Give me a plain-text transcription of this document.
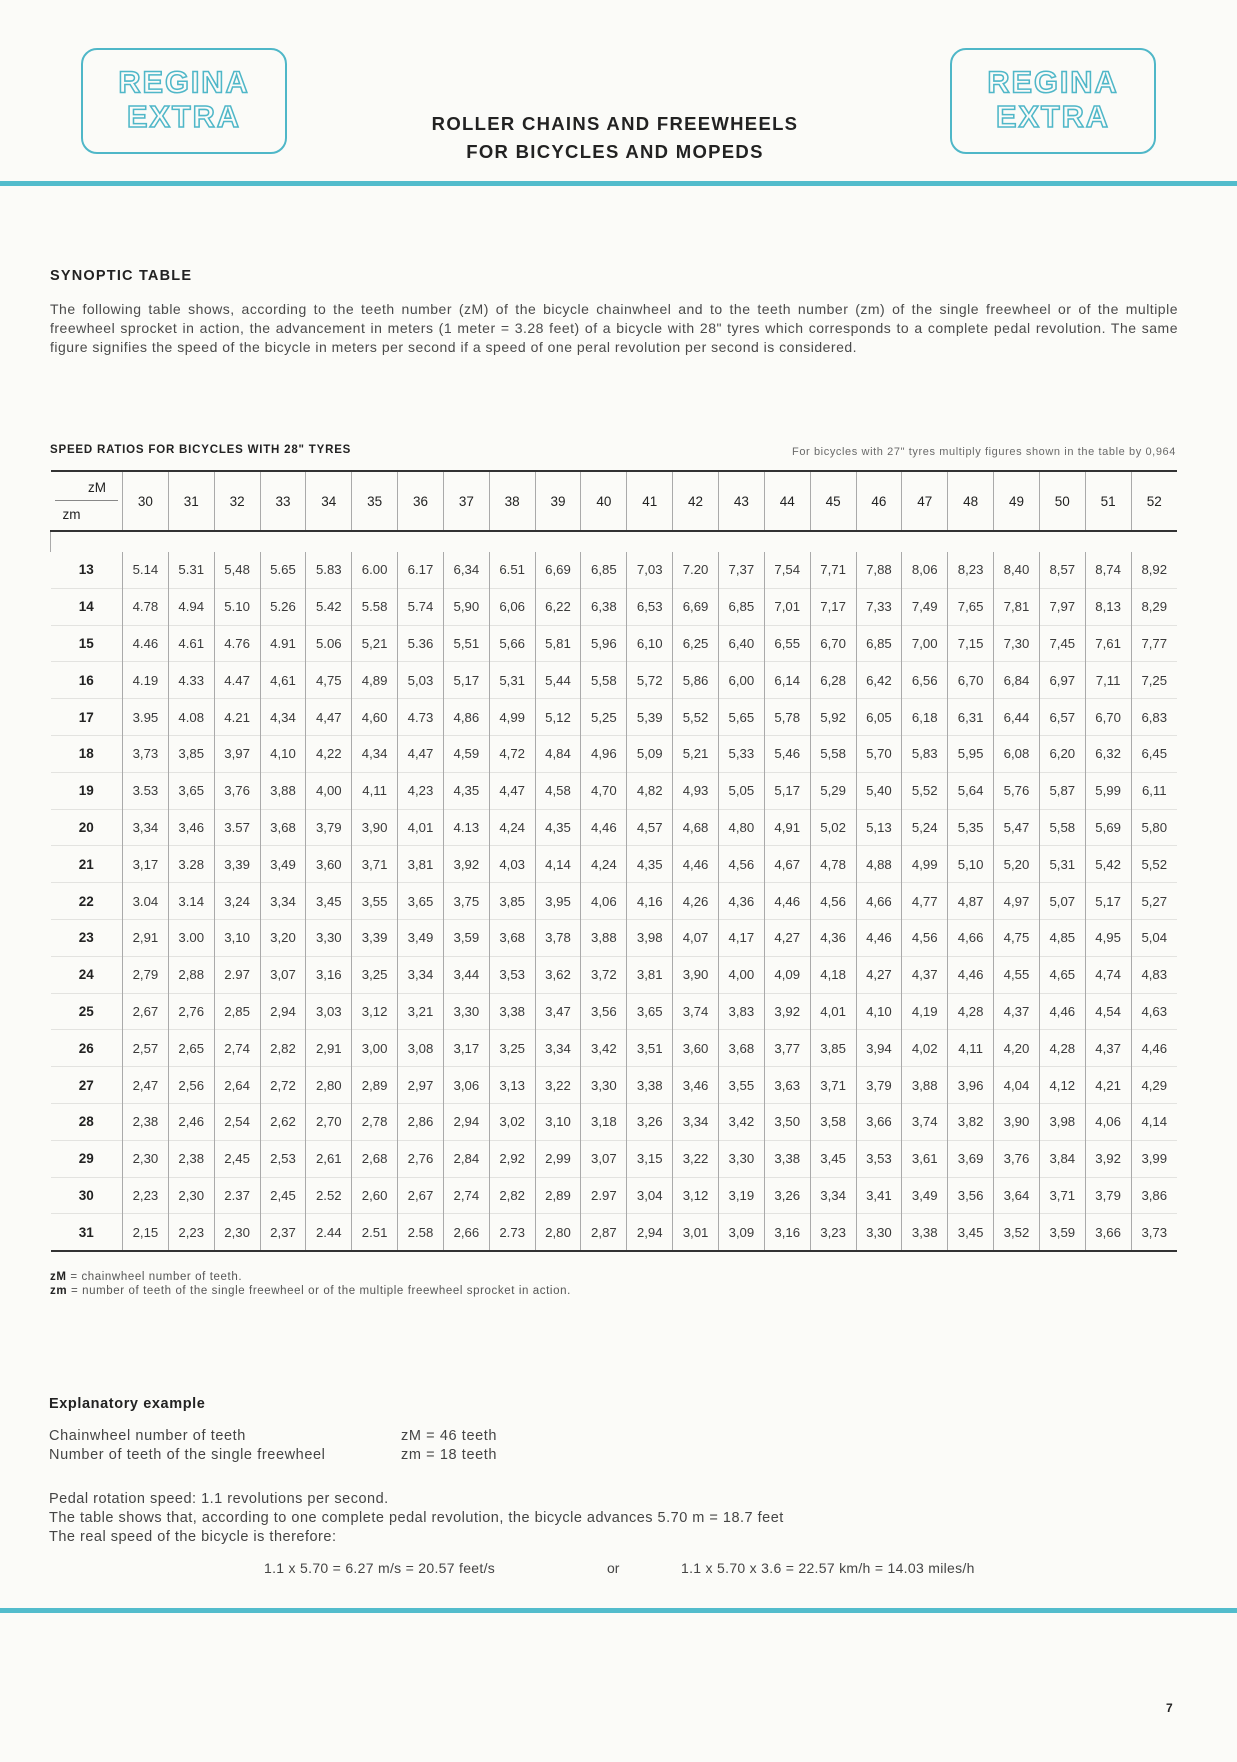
REGINA
EXTRA
REGINA
EXTRA
ROLLER CHAINS AND FREEWHEELS
FOR BICYCLES AND MOPEDS
SYNOPTIC TABLE
The following table shows, according to the teeth number (zM) of the bicycle chainwheel and to the teeth number (zm) of the single freewheel or of the multiple freewheel sprocket in action, the advancement in meters (1 meter = 3.28 feet) of a bicycle with 28" tyres which corresponds to a complete pedal revolution. The same figure signifies the speed of the bicycle in meters per second if a speed of one peral revolution per second is considered.
SPEED RATIOS FOR BICYCLES WITH 28" TYRES	For bicycles with 27" tyres multiply figures shown in the table by 0,964
zM
zm	30	31	32	33	34	35	36	37	38	39	40	41	42	43	44	45	46	47	48	49	50	51	52

13	5.14	5.31	5,48	5.65	5.83	6.00	6.17	6,34	6.51	6,69	6,85	7,03	7.20	7,37	7,54	7,71	7,88	8,06	8,23	8,40	8,57	8,74	8,92
14	4.78	4.94	5.10	5.26	5.42	5.58	5.74	5,90	6,06	6,22	6,38	6,53	6,69	6,85	7,01	7,17	7,33	7,49	7,65	7,81	7,97	8,13	8,29
15	4.46	4.61	4.76	4.91	5.06	5,21	5.36	5,51	5,66	5,81	5,96	6,10	6,25	6,40	6,55	6,70	6,85	7,00	7,15	7,30	7,45	7,61	7,77
16	4.19	4.33	4.47	4,61	4,75	4,89	5,03	5,17	5,31	5,44	5,58	5,72	5,86	6,00	6,14	6,28	6,42	6,56	6,70	6,84	6,97	7,11	7,25
17	3.95	4.08	4.21	4,34	4,47	4,60	4.73	4,86	4,99	5,12	5,25	5,39	5,52	5,65	5,78	5,92	6,05	6,18	6,31	6,44	6,57	6,70	6,83
18	3,73	3,85	3,97	4,10	4,22	4,34	4,47	4,59	4,72	4,84	4,96	5,09	5,21	5,33	5,46	5,58	5,70	5,83	5,95	6,08	6,20	6,32	6,45
19	3.53	3,65	3,76	3,88	4,00	4,11	4,23	4,35	4,47	4,58	4,70	4,82	4,93	5,05	5,17	5,29	5,40	5,52	5,64	5,76	5,87	5,99	6,11
20	3,34	3,46	3.57	3,68	3,79	3,90	4,01	4.13	4,24	4,35	4,46	4,57	4,68	4,80	4,91	5,02	5,13	5,24	5,35	5,47	5,58	5,69	5,80
21	3,17	3.28	3,39	3,49	3,60	3,71	3,81	3,92	4,03	4,14	4,24	4,35	4,46	4,56	4,67	4,78	4,88	4,99	5,10	5,20	5,31	5,42	5,52
22	3.04	3.14	3,24	3,34	3,45	3,55	3,65	3,75	3,85	3,95	4,06	4,16	4,26	4,36	4,46	4,56	4,66	4,77	4,87	4,97	5,07	5,17	5,27
23	2,91	3.00	3,10	3,20	3,30	3,39	3,49	3,59	3,68	3,78	3,88	3,98	4,07	4,17	4,27	4,36	4,46	4,56	4,66	4,75	4,85	4,95	5,04
24	2,79	2,88	2.97	3,07	3,16	3,25	3,34	3,44	3,53	3,62	3,72	3,81	3,90	4,00	4,09	4,18	4,27	4,37	4,46	4,55	4,65	4,74	4,83
25	2,67	2,76	2,85	2,94	3,03	3,12	3,21	3,30	3,38	3,47	3,56	3,65	3,74	3,83	3,92	4,01	4,10	4,19	4,28	4,37	4,46	4,54	4,63
26	2,57	2,65	2,74	2,82	2,91	3,00	3,08	3,17	3,25	3,34	3,42	3,51	3,60	3,68	3,77	3,85	3,94	4,02	4,11	4,20	4,28	4,37	4,46
27	2,47	2,56	2,64	2,72	2,80	2,89	2,97	3,06	3,13	3,22	3,30	3,38	3,46	3,55	3,63	3,71	3,79	3,88	3,96	4,04	4,12	4,21	4,29
28	2,38	2,46	2,54	2,62	2,70	2,78	2,86	2,94	3,02	3,10	3,18	3,26	3,34	3,42	3,50	3,58	3,66	3,74	3,82	3,90	3,98	4,06	4,14
29	2,30	2,38	2,45	2,53	2,61	2,68	2,76	2,84	2,92	2,99	3,07	3,15	3,22	3,30	3,38	3,45	3,53	3,61	3,69	3,76	3,84	3,92	3,99
30	2,23	2,30	2.37	2,45	2.52	2,60	2,67	2,74	2,82	2,89	2.97	3,04	3,12	3,19	3,26	3,34	3,41	3,49	3,56	3,64	3,71	3,79	3,86
31	2,15	2,23	2,30	2,37	2.44	2.51	2.58	2,66	2.73	2,80	2,87	2,94	3,01	3,09	3,16	3,23	3,30	3,38	3,45	3,52	3,59	3,66	3,73
zM = chainwheel number of teeth.
zm = number of teeth of the single freewheel or of the multiple freewheel sprocket in action.
Explanatory example
Chainwheel number of teeth	zM = 46 teeth
Number of teeth of the single freewheel	zm = 18 teeth
Pedal rotation speed: 1.1 revolutions per second.
The table shows that, according to one complete pedal revolution, the bicycle advances 5.70 m = 18.7 feet
The real speed of the bicycle is therefore:
1.1 x 5.70 = 6.27 m/s = 20.57 feet/s	or	1.1 x 5.70 x 3.6 = 22.57 km/h = 14.03 miles/h
7
